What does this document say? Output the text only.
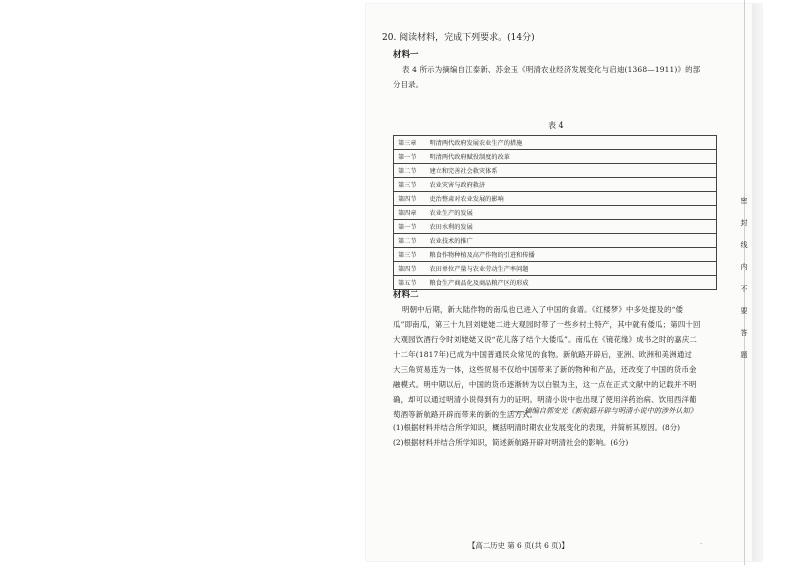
20. 阅读材料，完成下列要求。(14分)
材料一
表 4 所示为摘编自江泰新、苏金玉《明清农业经济发展变化与启迪(1368—1911)》的部
分目录。
表 4
第三章	明清两代政府发展农业生产的措施
第一节	明清两代政府赋役制度的改革
第二节	建立和完善社会救灾体系
第三节	农业灾害与政府救济
第四节	吏治整肃对农业发展的影响
第四章	农业生产的发展
第一节	农田水利的发展
第二节	农业技术的推广
第三节	粮食作物种植及高产作物的引进和传播
第四节	农田单位产量与农业劳动生产率问题
第五节	粮食生产商品化及商品粮产区的形成
材料二
明朝中后期，新大陆作物的南瓜也已进入了中国的食谱。《红楼梦》中多处提及的“倭
瓜”即南瓜，第三十九回刘姥姥二进大观园时带了一些乡村土特产，其中就有倭瓜；第四十回
大观园饮酒行令时刘姥姥又说“花儿落了结个大倭瓜”。南瓜在《镜花缘》成书之时的嘉庆二
十二年(1817年)已成为中国普通民众常见的食物。新航路开辟后，亚洲、欧洲和美洲通过
大三角贸易连为一体，这些贸易不仅给中国带来了新的物种和产品，还改变了中国的货币金
融模式。明中期以后，中国的货币逐渐转为以白银为主，这一点在正式文献中的记载并不明
确，却可以通过明清小说得到有力的证明。明清小说中也出现了使用洋药治病、饮用西洋葡
萄酒等新航路开辟而带来的新的生活方式。
——摘编自郭安光《新航路开辟与明清小说中的涉外认知》
(1)根据材料并结合所学知识，概括明清时期农业发展变化的表现，并简析其原因。(8分)
(2)根据材料并结合所学知识，简述新航路开辟对明清社会的影响。(6分)
【高二历史 第 6 页(共 6 页)】	·
密
封
线
内
不
要
答
题
